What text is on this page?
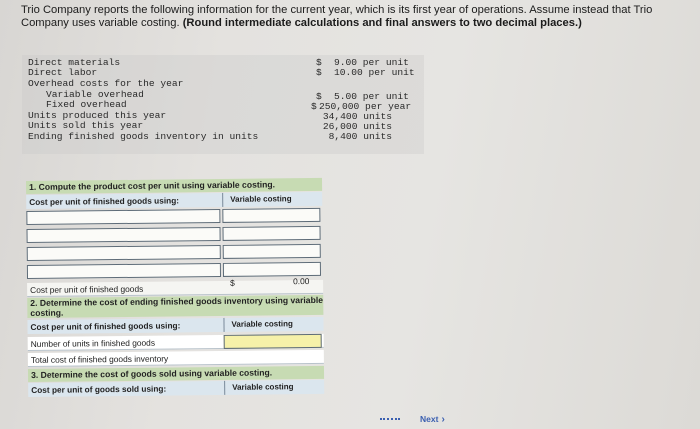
Trio Company reports the following information for the current year, which is its first year of operations. Assume instead that Trio Company uses variable costing. (Round intermediate calculations and final answers to two decimal places.)
Direct materials	$ 9.00 per unit
Direct labor	$ 10.00 per unit
Overhead costs for the year
Variable overhead	$ 5.00 per unit
Fixed overhead	$ 250,000 per year
Units produced this year	34,400 units
Units sold this year	26,000 units
Ending finished goods inventory in units	8,400 units
1. Compute the product cost per unit using variable costing.
Cost per unit of finished goods using:	Variable costing
Cost per unit of finished goods
$	0.00
2. Determine the cost of ending finished goods inventory using variable costing.
Cost per unit of finished goods using:	Variable costing
Number of units in finished goods
Total cost of finished goods inventory
3. Determine the cost of goods sold using variable costing.
Cost per unit of goods sold using:	Variable costing
Next ›
